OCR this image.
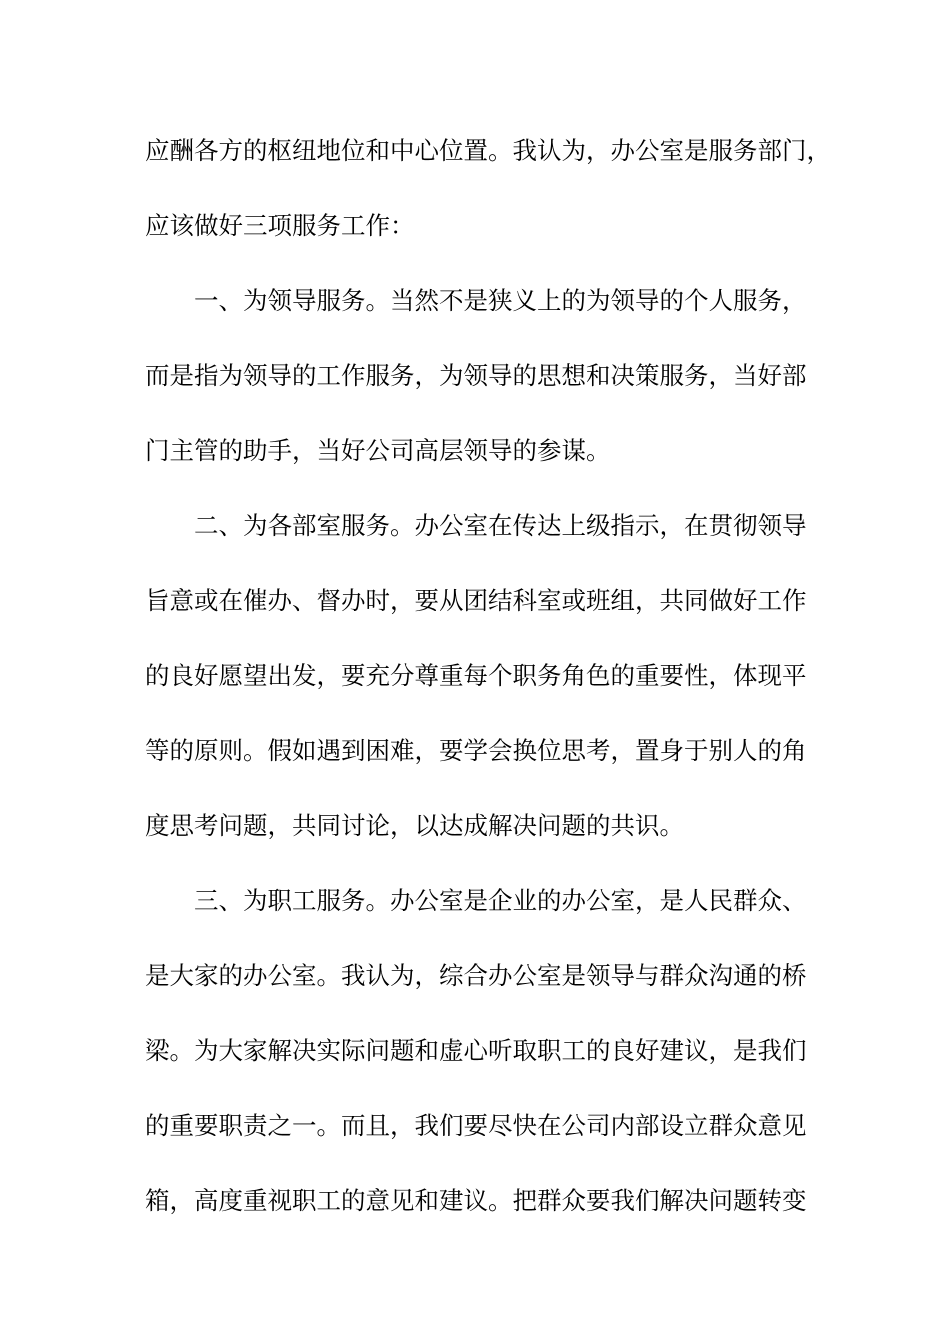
应酬各方的枢纽地位和中心位置。我认为，办公室是服务部门，
应该做好三项服务工作：
　　一、为领导服务。当然不是狭义上的为领导的个人服务，
而是指为领导的工作服务，为领导的思想和决策服务，当好部
门主管的助手，当好公司高层领导的参谋。
　　二、为各部室服务。办公室在传达上级指示，在贯彻领导
旨意或在催办、督办时，要从团结科室或班组，共同做好工作
的良好愿望出发，要充分尊重每个职务角色的重要性，体现平
等的原则。假如遇到困难，要学会换位思考，置身于别人的角
度思考问题，共同讨论，以达成解决问题的共识。
　　三、为职工服务。办公室是企业的办公室，是人民群众、
是大家的办公室。我认为，综合办公室是领导与群众沟通的桥
梁。为大家解决实际问题和虚心听取职工的良好建议，是我们
的重要职责之一。而且，我们要尽快在公司内部设立群众意见
箱，高度重视职工的意见和建议。把群众要我们解决问题转变
